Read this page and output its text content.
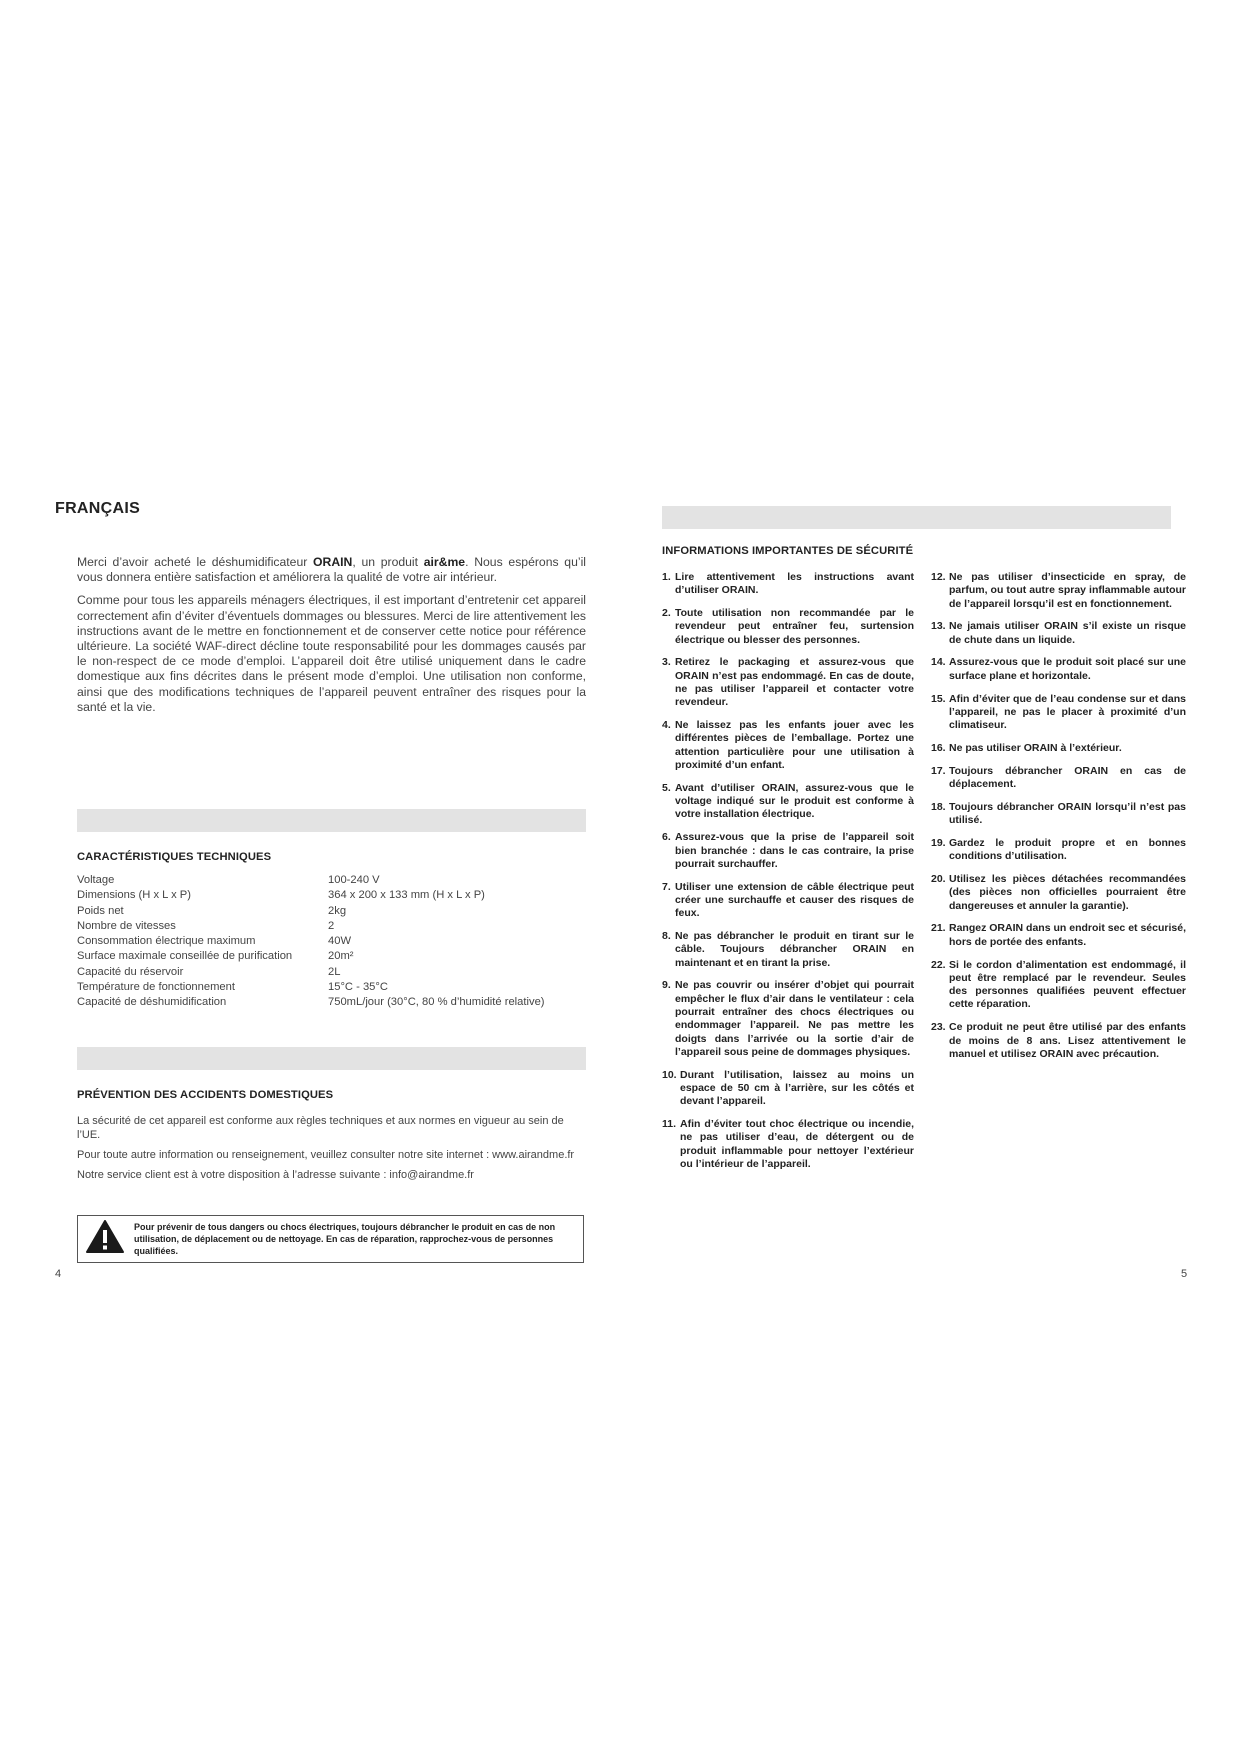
FRANÇAIS

Merci d’avoir acheté le déshumidificateur ORAIN, un produit air&me. Nous espérons qu’il vous donnera entière satisfaction et améliorera la qualité de votre air intérieur.

Comme pour tous les appareils ménagers électriques, il est important d’entretenir cet appareil correctement afin d’éviter d’éventuels dommages ou blessures. Merci de lire attentivement les instructions avant de le mettre en fonctionnement et de conserver cette notice pour référence ultérieure. La société WAF-direct décline toute responsabilité pour les dommages causés par le non-respect de ce mode d’emploi. L’appareil doit être utilisé uniquement dans le cadre domestique aux fins décrites dans le présent mode d’emploi. Une utilisation non conforme, ainsi que des modifications techniques de l’appareil peuvent entraîner des risques pour la santé et la vie.

CARACTÉRISTIQUES TECHNIQUES
Voltage	100-240 V
Dimensions (H x L x P)	364 x 200 x 133 mm (H x L x P)
Poids net	2kg
Nombre de vitesses	2
Consommation électrique maximum	40W
Surface maximale conseillée de purification	20m²
Capacité du réservoir	2L
Température de fonctionnement	15°C - 35°C
Capacité de déshumidification	750mL/jour (30°C, 80 % d’humidité relative)
PRÉVENTION DES ACCIDENTS DOMESTIQUES

La sécurité de cet appareil est conforme aux règles techniques et aux normes en vigueur au sein de l’UE.

Pour toute autre information ou renseignement, veuillez consulter notre site internet : www.airandme.fr

Notre service client est à votre disposition à l’adresse suivante : info@airandme.fr

Pour prévenir de tous dangers ou chocs électriques, toujours débrancher le produit en cas de non utilisation, de déplacement ou de nettoyage. En cas de réparation, rapprochez-vous de personnes qualifiées.
4
INFORMATIONS IMPORTANTES DE SÉCURITÉ
1. Lire attentivement les instructions avant d’utiliser ORAIN.
2. Toute utilisation non recommandée par le revendeur peut entraîner feu, surtension électrique ou blesser des personnes.
3. Retirez le packaging et assurez-vous que ORAIN n’est pas endommagé. En cas de doute, ne pas utiliser l’appareil et contacter votre revendeur.
4. Ne laissez pas les enfants jouer avec les différentes pièces de l’emballage. Portez une attention particulière pour une utilisation à proximité d’un enfant.
5. Avant d’utiliser ORAIN, assurez-vous que le voltage indiqué sur le produit est conforme à votre installation électrique.
6. Assurez-vous que la prise de l’appareil soit bien branchée : dans le cas contraire, la prise pourrait surchauffer.
7. Utiliser une extension de câble électrique peut créer une surchauffe et causer des risques de feux.
8. Ne pas débrancher le produit en tirant sur le câble. Toujours débrancher ORAIN en maintenant et en tirant la prise.
9. Ne pas couvrir ou insérer d’objet qui pourrait empêcher le flux d’air dans le ventilateur : cela pourrait entraîner des chocs électriques ou endommager l’appareil. Ne pas mettre les doigts dans l’arrivée ou la sortie d’air de l’appareil sous peine de dommages physiques.
10. Durant l’utilisation, laissez au moins un espace de 50 cm à l’arrière, sur les côtés et devant l’appareil.
11. Afin d’éviter tout choc électrique ou incendie, ne pas utiliser d’eau, de détergent ou de produit inflammable pour nettoyer l’extérieur ou l’intérieur de l’appareil.
12. Ne pas utiliser d’insecticide en spray, de parfum, ou tout autre spray inflammable autour de l’appareil lorsqu’il est en fonctionnement.
13. Ne jamais utiliser ORAIN s’il existe un risque de chute dans un liquide.
14. Assurez-vous que le produit soit placé sur une surface plane et horizontale.
15. Afin d’éviter que de l’eau condense sur et dans l’appareil, ne pas le placer à proximité d’un climatiseur.
16. Ne pas utiliser ORAIN à l’extérieur.
17. Toujours débrancher ORAIN en cas de déplacement.
18. Toujours débrancher ORAIN lorsqu’il n’est pas utilisé.
19. Gardez le produit propre et en bonnes conditions d’utilisation.
20. Utilisez les pièces détachées recommandées (des pièces non officielles pourraient être dangereuses et annuler la garantie).
21. Rangez ORAIN dans un endroit sec et sécurisé, hors de portée des enfants.
22. Si le cordon d’alimentation est endommagé, il peut être remplacé par le revendeur. Seules des personnes qualifiées peuvent effectuer cette réparation.
23. Ce produit ne peut être utilisé par des enfants de moins de 8 ans. Lisez attentivement le manuel et utilisez ORAIN avec précaution.
5
